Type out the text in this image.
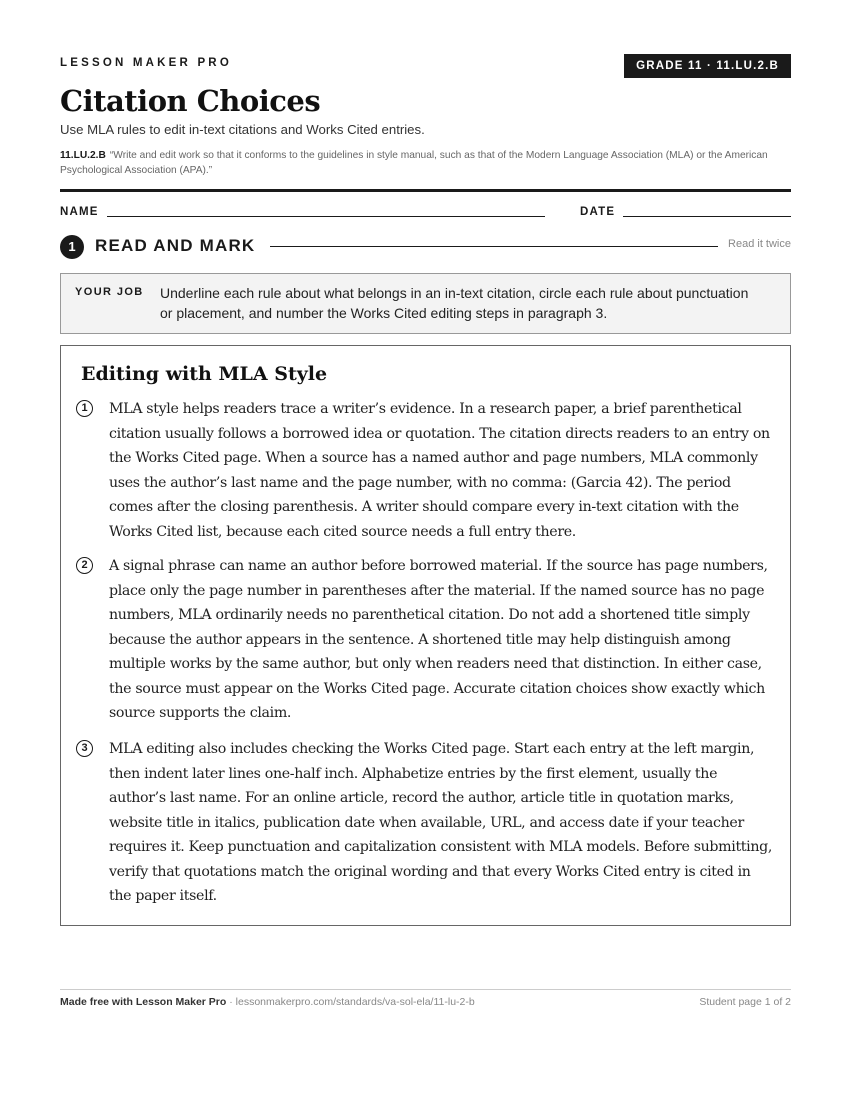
LESSON MAKER PRO	GRADE 11 · 11.LU.2.B
Citation Choices
Use MLA rules to edit in-text citations and Works Cited entries.
11.LU.2.B “Write and edit work so that it conforms to the guidelines in style manual, such as that of the Modern Language Association (MLA) or the American Psychological Association (APA).”
NAME	DATE
1	READ AND MARK	Read it twice
YOUR JOB Underline each rule about what belongs in an in-text citation, circle each rule about punctuation or placement, and number the Works Cited editing steps in paragraph 3.
Editing with MLA Style
1	MLA style helps readers trace a writer’s evidence. In a research paper, a brief parenthetical citation usually follows a borrowed idea or quotation. The citation directs readers to an entry on the Works Cited page. When a source has a named author and page numbers, MLA commonly uses the author’s last name and the page number, with no comma: (Garcia 42). The period comes after the closing parenthesis. A writer should compare every in-text citation with the Works Cited list, because each cited source needs a full entry there.
2	A signal phrase can name an author before borrowed material. If the source has page numbers, place only the page number in parentheses after the material. If the named source has no page numbers, MLA ordinarily needs no parenthetical citation. Do not add a shortened title simply because the author appears in the sentence. A shortened title may help distinguish among multiple works by the same author, but only when readers need that distinction. In either case, the source must appear on the Works Cited page. Accurate citation choices show exactly which source supports the claim.
3	MLA editing also includes checking the Works Cited page. Start each entry at the left margin, then indent later lines one-half inch. Alphabetize entries by the first element, usually the author’s last name. For an online article, record the author, article title in quotation marks, website title in italics, publication date when available, URL, and access date if your teacher requires it. Keep punctuation and capitalization consistent with MLA models. Before submitting, verify that quotations match the original wording and that every Works Cited entry is cited in the paper itself.
Made free with Lesson Maker Pro · lessonmakerpro.com/standards/va-sol-ela/11-lu-2-b	Student page 1 of 2
